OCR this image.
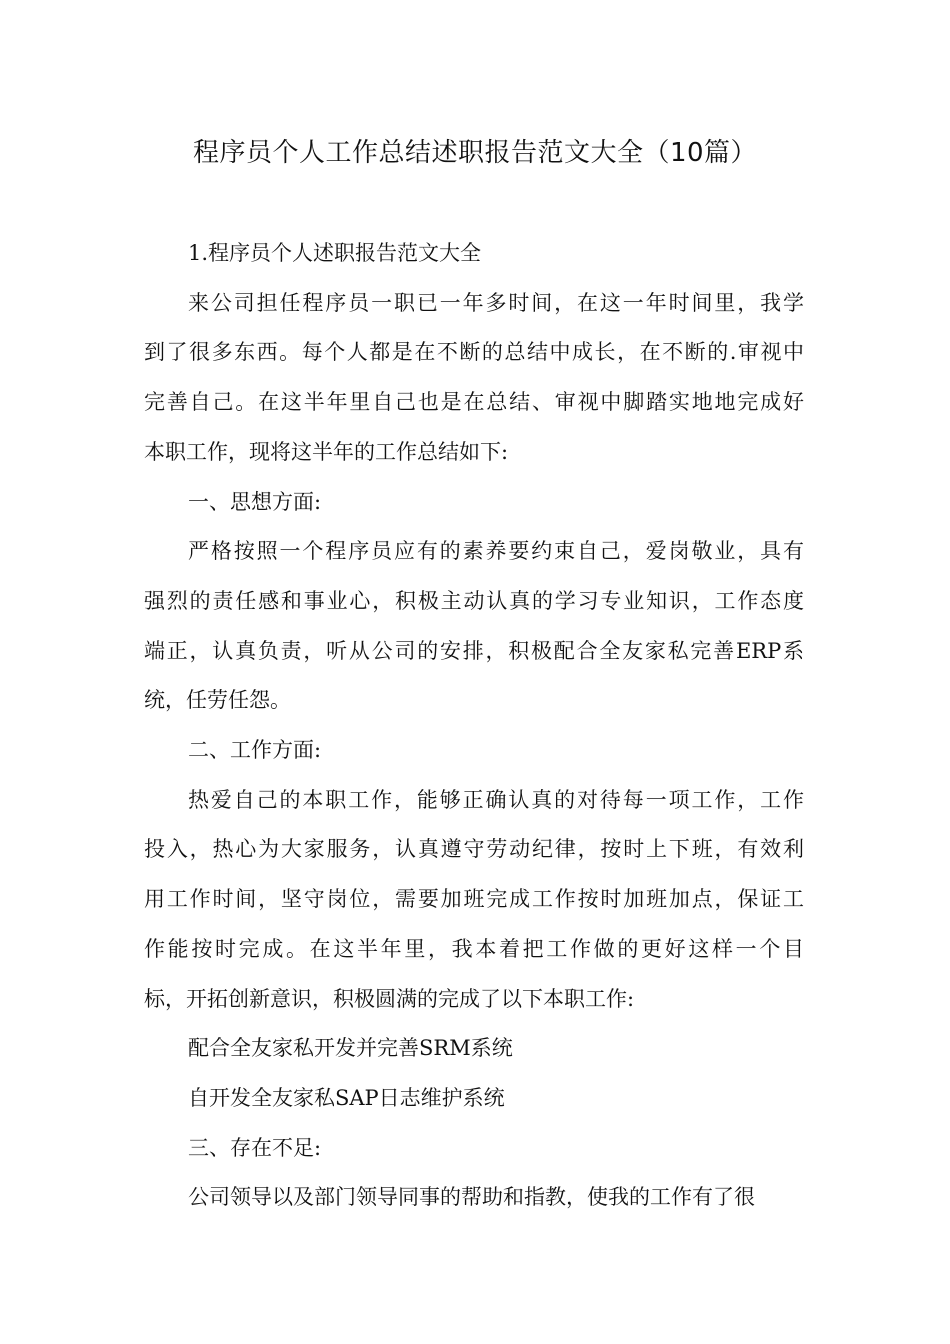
程序员个人工作总结述职报告范文大全（10篇）
1.程序员个人述职报告范文大全
来公司担任程序员一职已一年多时间，在这一年时间里，我学
到了很多东西。每个人都是在不断的总结中成长，在不断的.审视中
完善自己。在这半年里自己也是在总结、审视中脚踏实地地完成好
本职工作，现将这半年的工作总结如下:
一、思想方面:
严格按照一个程序员应有的素养要约束自己，爱岗敬业，具有
强烈的责任感和事业心，积极主动认真的学习专业知识，工作态度
端正，认真负责，听从公司的安排，积极配合全友家私完善ERP系
统，任劳任怨。
二、工作方面:
热爱自己的本职工作，能够正确认真的对待每一项工作，工作
投入，热心为大家服务，认真遵守劳动纪律，按时上下班，有效利
用工作时间，坚守岗位，需要加班完成工作按时加班加点，保证工
作能按时完成。在这半年里，我本着把工作做的更好这样一个目
标，开拓创新意识，积极圆满的完成了以下本职工作:
配合全友家私开发并完善SRM系统
自开发全友家私SAP日志维护系统
三、存在不足:
公司领导以及部门领导同事的帮助和指教，使我的工作有了很
